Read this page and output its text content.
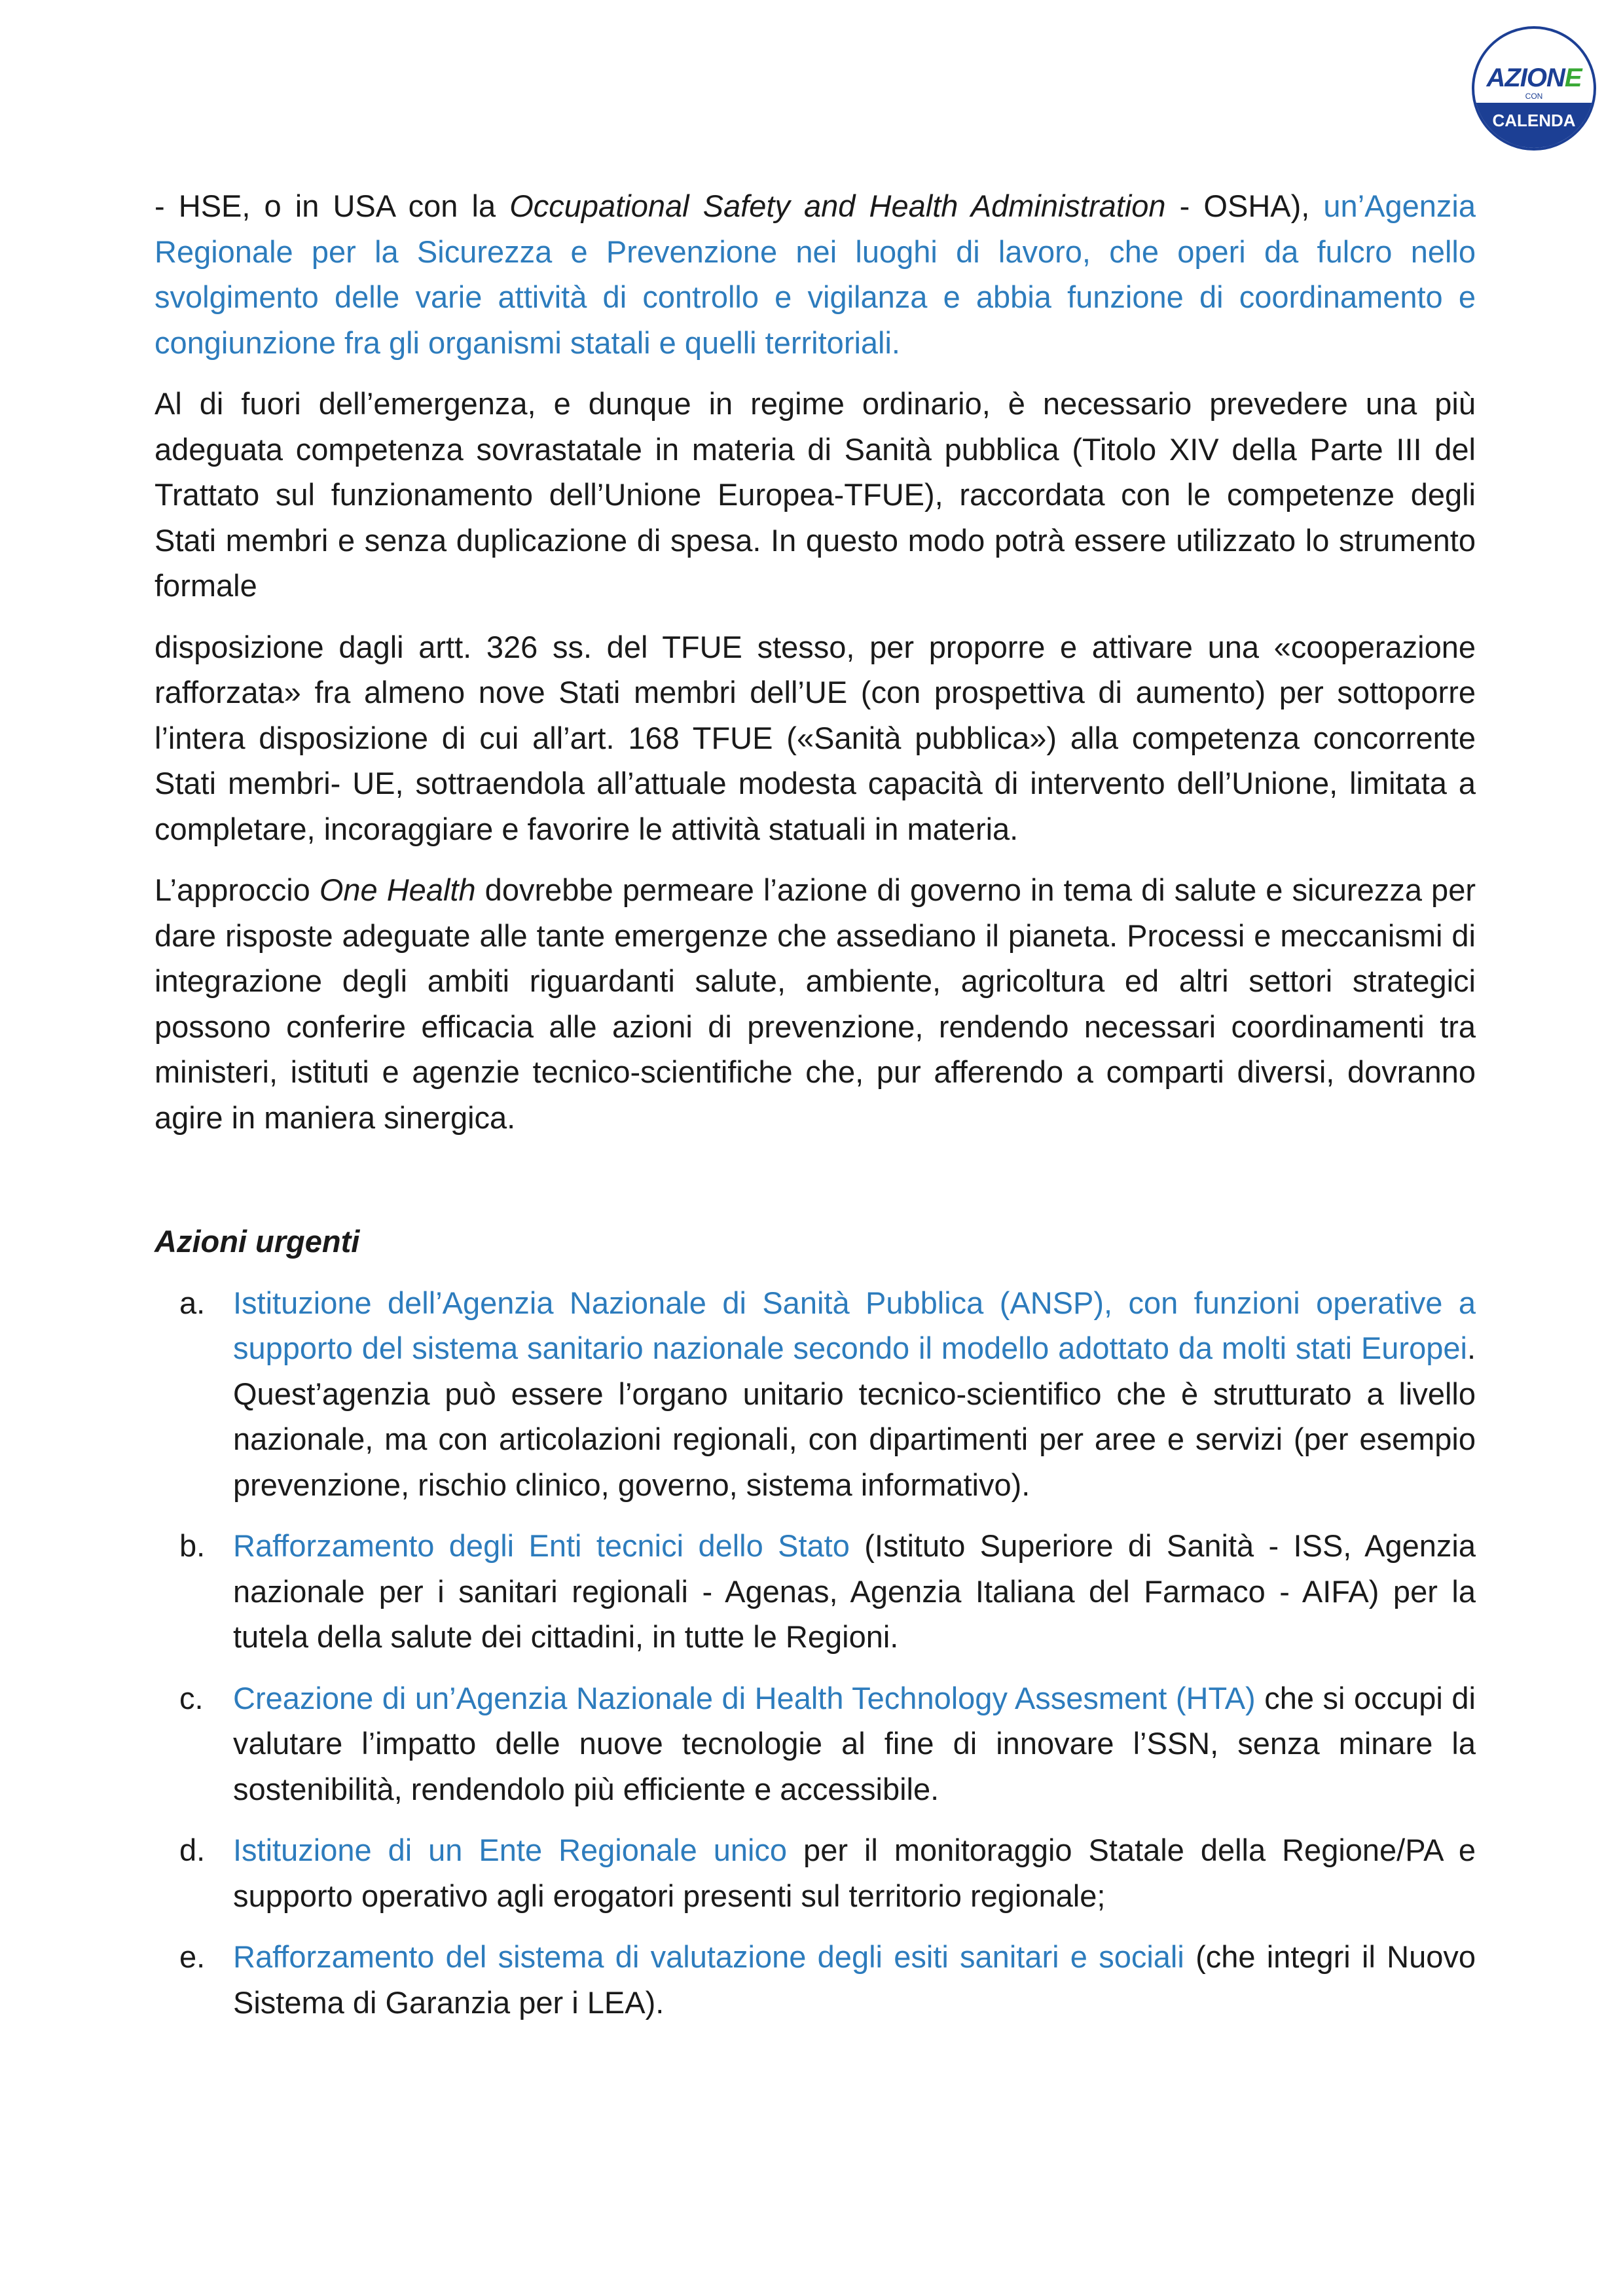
AZIONE
CON
CALENDA

- HSE, o in USA con la Occupational Safety and Health Administration - OSHA), un’Agenzia Regionale per la Sicurezza e Prevenzione nei luoghi di lavoro, che operi da fulcro nello svolgimento delle varie attività di controllo e vigilanza e abbia funzione di coordinamento e congiunzione fra gli organismi statali e quelli territoriali.

Al di fuori dell’emergenza, e dunque in regime ordinario, è necessario prevedere una più adeguata competenza sovrastatale in materia di Sanità pubblica (Titolo XIV della Parte III del Trattato sul funzionamento dell’Unione Europea-TFUE), raccordata con le competenze degli Stati membri e senza duplicazione di spesa. In questo modo potrà essere utilizzato lo strumento formale

disposizione dagli artt. 326 ss. del TFUE stesso, per proporre e attivare una «cooperazione rafforzata» fra almeno nove Stati membri dell’UE (con prospettiva di aumento) per sottoporre l’intera disposizione di cui all’art. 168 TFUE («Sanità pubblica») alla competenza concorrente Stati membri- UE, sottraendola all’attuale modesta capacità di intervento dell’Unione, limitata a completare, incoraggiare e favorire le attività statuali in materia.

L’approccio One Health dovrebbe permeare l’azione di governo in tema di salute e sicurezza per dare risposte adeguate alle tante emergenze che assediano il pianeta. Processi e meccanismi di integrazione degli ambiti riguardanti salute, ambiente, agricoltura ed altri settori strategici possono conferire efficacia alle azioni di prevenzione, rendendo necessari coordinamenti tra ministeri, istituti e agenzie tecnico-scientifiche che, pur afferendo a comparti diversi, dovranno agire in maniera sinergica.

Azioni urgenti
a. Istituzione dell’Agenzia Nazionale di Sanità Pubblica (ANSP), con funzioni operative a supporto del sistema sanitario nazionale secondo il modello adottato da molti stati Europei. Quest’agenzia può essere l’organo unitario tecnico-scientifico che è strutturato a livello nazionale, ma con articolazioni regionali, con dipartimenti per aree e servizi (per esempio prevenzione, rischio clinico, governo, sistema informativo).
b. Rafforzamento degli Enti tecnici dello Stato (Istituto Superiore di Sanità - ISS, Agenzia nazionale per i sanitari regionali - Agenas, Agenzia Italiana del Farmaco - AIFA) per la tutela della salute dei cittadini, in tutte le Regioni.
c. Creazione di un’Agenzia Nazionale di Health Technology Assesment (HTA) che si occupi di valutare l’impatto delle nuove tecnologie al fine di innovare l’SSN, senza minare la sostenibilità, rendendolo più efficiente e accessibile.
d. Istituzione di un Ente Regionale unico per il monitoraggio Statale della Regione/PA e supporto operativo agli erogatori presenti sul territorio regionale;
e. Rafforzamento del sistema di valutazione degli esiti sanitari e sociali (che integri il Nuovo Sistema di Garanzia per i LEA).
